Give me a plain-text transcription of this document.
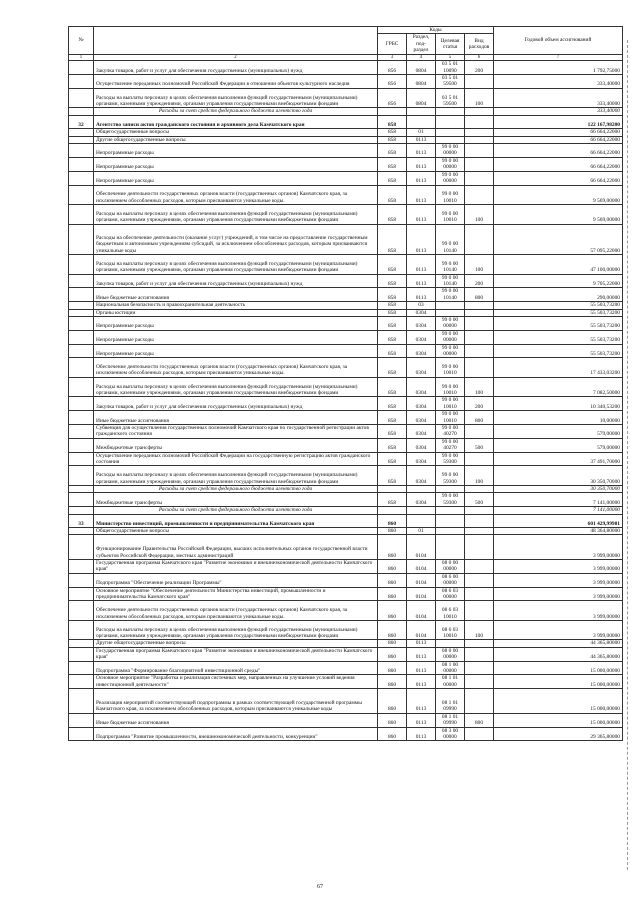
№		Коды				Годовой объем ассигнований
		ГРБС	Раздел, под-раздел	Целевая статья	Вид расходов	
1	2	3	4	5	6	7
	Закупка товаров, работ и услуг для обеспечения государственных (муниципальных) нужд	856	0804	03 5 01 10090	200	1 792,75000
	Осуществление переданных полномочий Российской Федерации в отношении объектов культурного наследия	856	0804	03 5 01 59500		333,40000
	Расходы на выплаты персоналу в целях обеспечения выполнения функций государственными (муниципальными) органами, казенными учреждениями, органами управления государственными внебюджетными фондами	856	0804	03 5 01 59500	100	333,40000
	Расходы за счет средств федерального бюджета агентство года					333,40000
32	Агентство записи актов гражданского состояния и архивного дела Камчатского края	858				122 167,98200
	Общегосударственные вопросы	858	01			66 664,22000
	Другие общегосударственные вопросы	858	0113			66 664,22000
	Непрограммные расходы	858	0113	99 0 00 00000		66 664,22000
	Непрограммные расходы	858	0113	99 0 00 00000		66 664,22000
	Непрограммные расходы	858	0113	99 0 00 00000		66 664,22000
	Обеспечение деятельности государственных органов власти (государственных органов) Камчатского края, за исключением обособленных расходов, которым присваиваются уникальные коды.	858	0113	99 0 00 10010		9 569,00000
	Расходы на выплаты персоналу в целях обеспечения выполнения функций государственными (муниципальными) органами, казенными учреждениями, органами управления государственными внебюджетными фондами	858	0113	99 0 00 10010	100	9 569,00000
	Расходы на обеспечение деятельности (оказание услуг) учреждений, в том числе на предоставление государственным бюджетным и автономным учреждениям субсидий, за исключением обособленных расходов, которым присваиваются уникальные коды	858	0113	99 0 00 10140		57 095,22000
	Расходы на выплаты персоналу в целях обеспечения выполнения функций государственными (муниципальными) органами, казенными учреждениями, органами управления государственными внебюджетными фондами	858	0113	99 0 00 10140	100	47 100,00000
	Закупка товаров, работ и услуг для обеспечения государственных (муниципальных) нужд	858	0113	99 0 00 10140	200	9 705,22000
	Иные бюджетные ассигнования	858	0113	99 0 00 10140	800	290,00000
	Национальная безопасность и правоохранительная деятельность	858	03			55 503,73200
	Органы юстиции	858	0304			55 503,73200
	Непрограммные расходы	858	0304	99 0 00 00000		55 503,73200
	Непрограммные расходы	858	0304	99 0 00 00000		55 503,73200
	Непрограммные расходы	858	0304	99 0 00 00000		55 503,73200
	Обеспечение деятельности государственных органов власти (государственных органов) Камчатского края, за исключением обособленных расходов, которым присваиваются уникальные коды.	858	0304	99 0 00 10010		17 433,03200
	Расходы на выплаты персоналу в целях обеспечения выполнения функций государственными (муниципальными) органами, казенными учреждениями, органами управления государственными внебюджетными фондами	858	0304	99 0 00 10010	100	7 082,50000
	Закупка товаров, работ и услуг для обеспечения государственных (муниципальных) нужд	858	0304	99 0 00 10010	200	10 340,53200
	Иные бюджетные ассигнования	858	0304	99 0 00 10010	800	10,00000
	Субвенция для осуществления государственных полномочий Камчатского края по государственной регистрации актов гражданского состояния	858	0304	99 0 00 40270		579,00000
	Межбюджетные трансферты	858	0304	99 0 00 40270	500	579,00000
	Осуществление переданных полномочий Российской Федерации на государственную регистрацию актов гражданского состояния	858	0304	99 0 00 59300		37 491,70000
	Расходы на выплаты персоналу в целях обеспечения выполнения функций государственными (муниципальными) органами, казенными учреждениями, органами управления государственными внебюджетными фондами	858	0304	99 0 00 59300	100	30 350,70000
	Расходы за счет средств федерального бюджета агентство года					30 350,70000
	Межбюджетные трансферты	858	0304	99 0 00 59300	500	7 141,00000
	Расходы за счет средств федерального бюджета агентство года					7 141,00000
33	Министерство инвестиций, промышленности и предпринимательства Камчатского края	860				601 429,99981
	Общегосударственные вопросы	860	01			48 364,80000
	Функционирование Правительства Российской Федерации, высших исполнительных органов государственной власти субъектов Российской Федерации, местных администраций	860	0104			3 999,00000
	Государственная программа Камчатского края "Развитие экономики и внешнеэкономической деятельности Камчатского края"	860	0104	08 0 00 00000		3 999,00000
	Подпрограмма "Обеспечение реализации Программы"	860	0104	08 6 00 00000		3 999,00000
	Основное мероприятие "Обеспечение деятельности Министерства инвестиций, промышленности и предпринимательства Камчатского края"	860	0104	08 6 03 00000		3 999,00000
	Обеспечение деятельности государственных органов власти (государственных органов) Камчатского края, за исключением обособленных расходов, которым присваиваются уникальные коды.	860	0104	08 6 03 10010		3 999,00000
	Расходы на выплаты персоналу в целях обеспечения выполнения функций государственными (муниципальными) органами, казенными учреждениями, органами управления государственными внебюджетными фондами	860	0104	08 6 03 10010	100	3 999,00000
	Другие общегосударственные вопросы	860	0113			44 365,80000
	Государственная программа Камчатского края "Развитие экономики и внешнеэкономической деятельности Камчатского края"	860	0113	08 0 00 00000		44 365,80000
	Подпрограмма "Формирование благоприятной инвестиционной среды"	860	0113	08 1 00 00000		15 000,00000
	Основное мероприятие "Разработка и реализация системных мер, направленных на улучшение условий ведения инвестиционной деятельности"	860	0113	08 1 01 00000		15 000,00000
	Реализация мероприятий соответствующей подпрограммы в рамках соответствующей государственной программы Камчатского края, за исключением обособленных расходов, которым присваиваются уникальные коды	860	0113	08 1 01 09990		15 000,00000
	Иные бюджетные ассигнования	860	0113	08 1 01 09990	800	15 000,00000
	Подпрограмма "Развитие промышленности, внешнеэкономической деятельности, конкуренции"	860	0113	08 3 00 00000		29 365,80000
67
